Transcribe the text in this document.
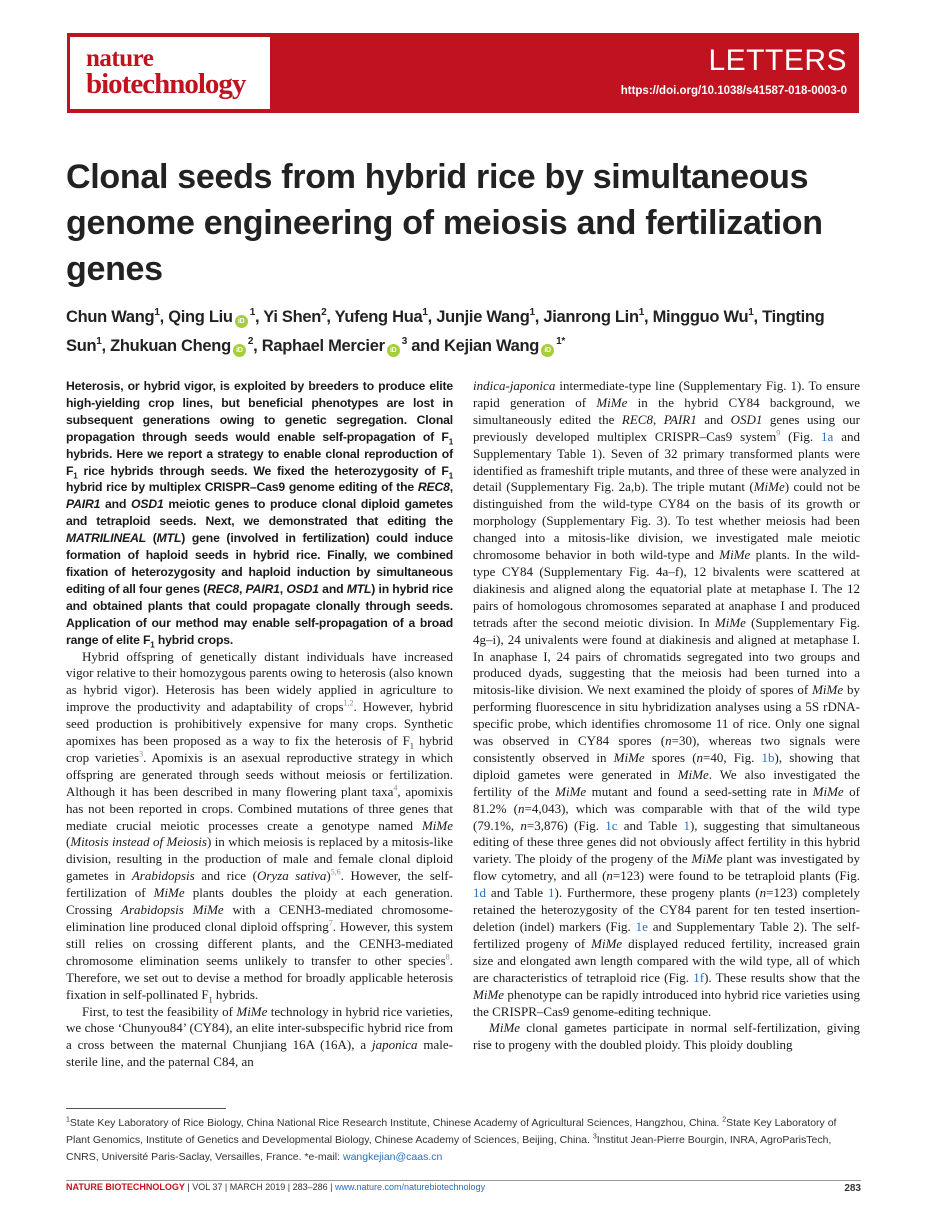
nature
biotechnology
LETTERS
https://doi.org/10.1038/s41587-018-0003-0
Clonal seeds from hybrid rice by simultaneous genome engineering of meiosis and fertilization genes
Chun Wang$^1$, Qing Liu $iD^1$, Yi Shen$^2$, Yufeng Hua$^1$, Junjie Wang$^1$, Jianrong Lin$^1$, Mingguo Wu$^1$, Tingting Sun$^1$, Zhukuan Cheng $iD^2$, Raphael Mercier $iD^3$ and Kejian Wang $iD^{1*}$

Heterosis, or hybrid vigor, is exploited by breeders to produce elite high-yielding crop lines, but beneficial phenotypes are lost in subsequent generations owing to genetic segregation. Clonal propagation through seeds would enable self-propagation of $F_1$ hybrids. Here we report a strategy to enable clonal reproduction of $F_1$ rice hybrids through seeds. We fixed the heterozygosity of $F_1$ hybrid rice by multiplex CRISPR–Cas9 genome editing of the REC8, PAIR1 and OSD1 meiotic genes to produce clonal diploid gametes and tetraploid seeds. Next, we demonstrated that editing the MATRILINEAL (MTL) gene (involved in fertilization) could induce formation of haploid seeds in hybrid rice. Finally, we combined fixation of heterozygosity and haploid induction by simultaneous editing of all four genes (REC8, PAIR1, OSD1 and MTL) in hybrid rice and obtained plants that could propagate clonally through seeds. Application of our method may enable self-propagation of a broad range of elite $F_1$ hybrid crops.

Hybrid offspring of genetically distant individuals have increased vigor relative to their homozygous parents owing to heterosis (also known as hybrid vigor). Heterosis has been widely applied in agriculture to improve the productivity and adaptability of crops$^{1,2}$. However, hybrid seed production is prohibitively expensive for many crops. Synthetic apomixes has been proposed as a way to fix the heterosis of $F_1$ hybrid crop varieties$^3$. Apomixis is an asexual reproductive strategy in which offspring are generated through seeds without meiosis or fertilization. Although it has been described in many flowering plant taxa$^4$, apomixis has not been reported in crops. Combined mutations of three genes that mediate crucial meiotic processes create a genotype named MiMe (Mitosis instead of Meiosis) in which meiosis is replaced by a mitosis-like division, resulting in the production of male and female clonal diploid gametes in Arabidopsis and rice (Oryza sativa)$^{5,6}$. However, the self-fertilization of MiMe plants doubles the ploidy at each generation. Crossing Arabidopsis MiMe with a CENH3-mediated chromosome-elimination line produced clonal diploid offspring$^7$. However, this system still relies on crossing different plants, and the CENH3-mediated chromosome elimination seems unlikely to transfer to other species$^8$. Therefore, we set out to devise a method for broadly applicable heterosis fixation in self-pollinated $F_1$ hybrids.

First, to test the feasibility of MiMe technology in hybrid rice varieties, we chose ‘Chunyou84’ (CY84), an elite inter-subspecific hybrid rice from a cross between the maternal Chunjiang 16A (16A), a japonica male-sterile line, and the paternal C84, an

indica-japonica intermediate-type line (Supplementary Fig. 1). To ensure rapid generation of MiMe in the hybrid CY84 background, we simultaneously edited the REC8, PAIR1 and OSD1 genes using our previously developed multiplex CRISPR–Cas9 system$^9$ (Fig. 1a and Supplementary Table 1). Seven of 32 primary transformed plants were identified as frameshift triple mutants, and three of these were analyzed in detail (Supplementary Fig. 2a,b). The triple mutant (MiMe) could not be distinguished from the wild-type CY84 on the basis of its growth or morphology (Supplementary Fig. 3). To test whether meiosis had been changed into a mitosis-like division, we investigated male meiotic chromosome behavior in both wild-type and MiMe plants. In the wild-type CY84 (Supplementary Fig. 4a–f), 12 bivalents were scattered at diakinesis and aligned along the equatorial plate at metaphase I. The 12 pairs of homologous chromosomes separated at anaphase I and produced tetrads after the second meiotic division. In MiMe (Supplementary Fig. 4g–i), 24 univalents were found at diakinesis and aligned at metaphase I. In anaphase I, 24 pairs of chromatids segregated into two groups and produced dyads, suggesting that the meiosis had been turned into a mitosis-like division. We next examined the ploidy of spores of MiMe by performing fluorescence in situ hybridization analyses using a 5S rDNA-specific probe, which identifies chromosome 11 of rice. Only one signal was observed in CY84 spores (n=30), whereas two signals were consistently observed in MiMe spores (n=40, Fig. 1b), showing that diploid gametes were generated in MiMe. We also investigated the fertility of the MiMe mutant and found a seed-setting rate in MiMe of 81.2% (n=4,043), which was comparable with that of the wild type (79.1%, n=3,876) (Fig. 1c and Table 1), suggesting that simultaneous editing of these three genes did not obviously affect fertility in this hybrid variety. The ploidy of the progeny of the MiMe plant was investigated by flow cytometry, and all (n=123) were found to be tetraploid plants (Fig. 1d and Table 1). Furthermore, these progeny plants (n=123) completely retained the heterozygosity of the CY84 parent for ten tested insertion-deletion (indel) markers (Fig. 1e and Supplementary Table 2). The self-fertilized progeny of MiMe displayed reduced fertility, increased grain size and elongated awn length compared with the wild type, all of which are characteristics of tetraploid rice (Fig. 1f). These results show that the MiMe phenotype can be rapidly introduced into hybrid rice varieties using the CRISPR–Cas9 genome-editing technique.

MiMe clonal gametes participate in normal self-fertilization, giving rise to progeny with the doubled ploidy. This ploidy doubling

$^1$State Key Laboratory of Rice Biology, China National Rice Research Institute, Chinese Academy of Agricultural Sciences, Hangzhou, China. $^2$State Key Laboratory of Plant Genomics, Institute of Genetics and Developmental Biology, Chinese Academy of Sciences, Beijing, China. $^3$Institut Jean-Pierre Bourgin, INRA, AgroParisTech, CNRS, Université Paris-Saclay, Versailles, France. *e-mail: wangkejian@caas.cn
NATURE BIOTECHNOLOGY | VOL 37 | MARCH 2019 | 283–286 | www.nature.com/naturebiotechnology	283
